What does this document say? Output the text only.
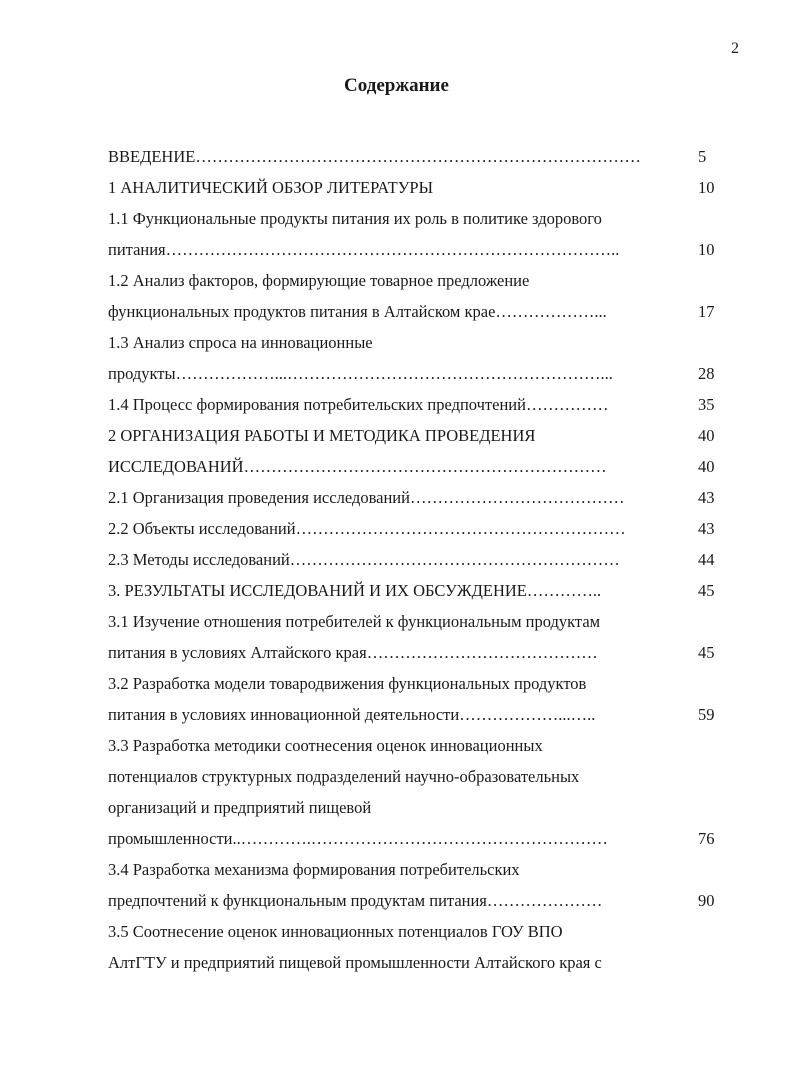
2
Содержание
ВВЕДЕНИЕ………………………………………………………………………	5
1 АНАЛИТИЧЕСКИЙ ОБЗОР ЛИТЕРАТУРЫ	10
1.1 Функциональные продукты питания их роль в политике здорового
питания………………………………………………………………………..	10
1.2 Анализ факторов, формирующие товарное предложение
функциональных продуктов питания в Алтайском крае………………...	17
1.3 Анализ спроса на инновационные
продукты………………...…………………………………………………...	28
1.4 Процесс формирования потребительских предпочтений……………	35
2 ОРГАНИЗАЦИЯ РАБОТЫ И МЕТОДИКА ПРОВЕДЕНИЯ	40
ИССЛЕДОВАНИЙ…………………………………………………………	40
2.1 Организация проведения исследований…………………………………	43
2.2 Объекты исследований……………………………………………………	43
2.3 Методы исследований……………………………………………………	44
3. РЕЗУЛЬТАТЫ ИССЛЕДОВАНИЙ И ИХ ОБСУЖДЕНИЕ…………..	45
3.1 Изучение отношения потребителей к функциональным продуктам
питания в условиях Алтайского края……………………………………	45
3.2 Разработка модели товародвижения функциональных продуктов
питания в условиях инновационной деятельности………………...…..	59
3.3 Разработка методики соотнесения оценок инновационных
потенциалов структурных подразделений научно-образовательных
организаций и предприятий пищевой
промышленности..………….………………………………………………	76
3.4 Разработка механизма формирования потребительских
предпочтений к функциональным продуктам питания…………………	90
3.5 Соотнесение оценок инновационных потенциалов ГОУ ВПО
АлтГТУ и предприятий пищевой промышленности Алтайского края с
